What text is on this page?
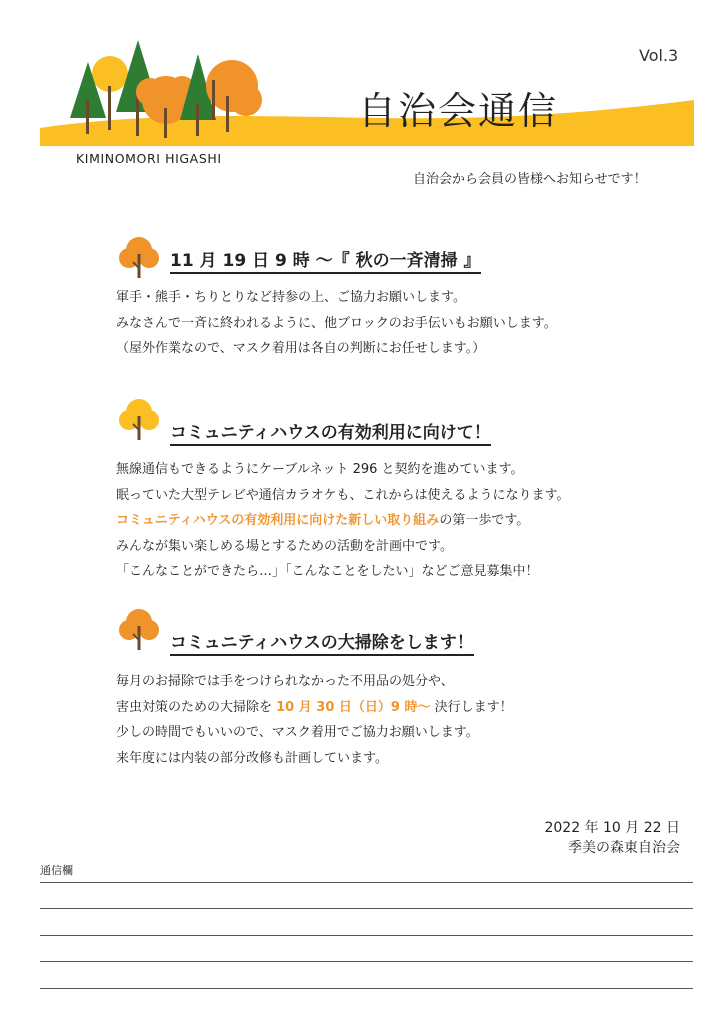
Vol.3
自治会通信
KIMINOMORI HIGASHI
自治会から会員の皆様へお知らせです！
11 月 19 日 9 時 〜『 秋の一斉清掃 』
軍手・熊手・ちりとりなど持参の上、ご協力お願いします。
みなさんで一斉に終われるように、他ブロックのお手伝いもお願いします。
（屋外作業なので、マスク着用は各自の判断にお任せします。）
コミュニティハウスの有効利用に向けて！
無線通信もできるようにケーブルネット 296 と契約を進めています。
眠っていた大型テレビや通信カラオケも、これからは使えるようになります。
コミュニティハウスの有効利用に向けた新しい取り組みの第一歩です。
みんなが集い楽しめる場とするための活動を計画中です。
「こんなことができたら…」「こんなことをしたい」などご意見募集中！
コミュニティハウスの大掃除をします！
毎月のお掃除では手をつけられなかった不用品の処分や、
害虫対策のための大掃除を 10 月 30 日（日）9 時〜 決行します！
少しの時間でもいいので、マスク着用でご協力お願いします。
来年度には内装の部分改修も計画しています。
2022 年 10 月 22 日
季美の森東自治会
通信欄
